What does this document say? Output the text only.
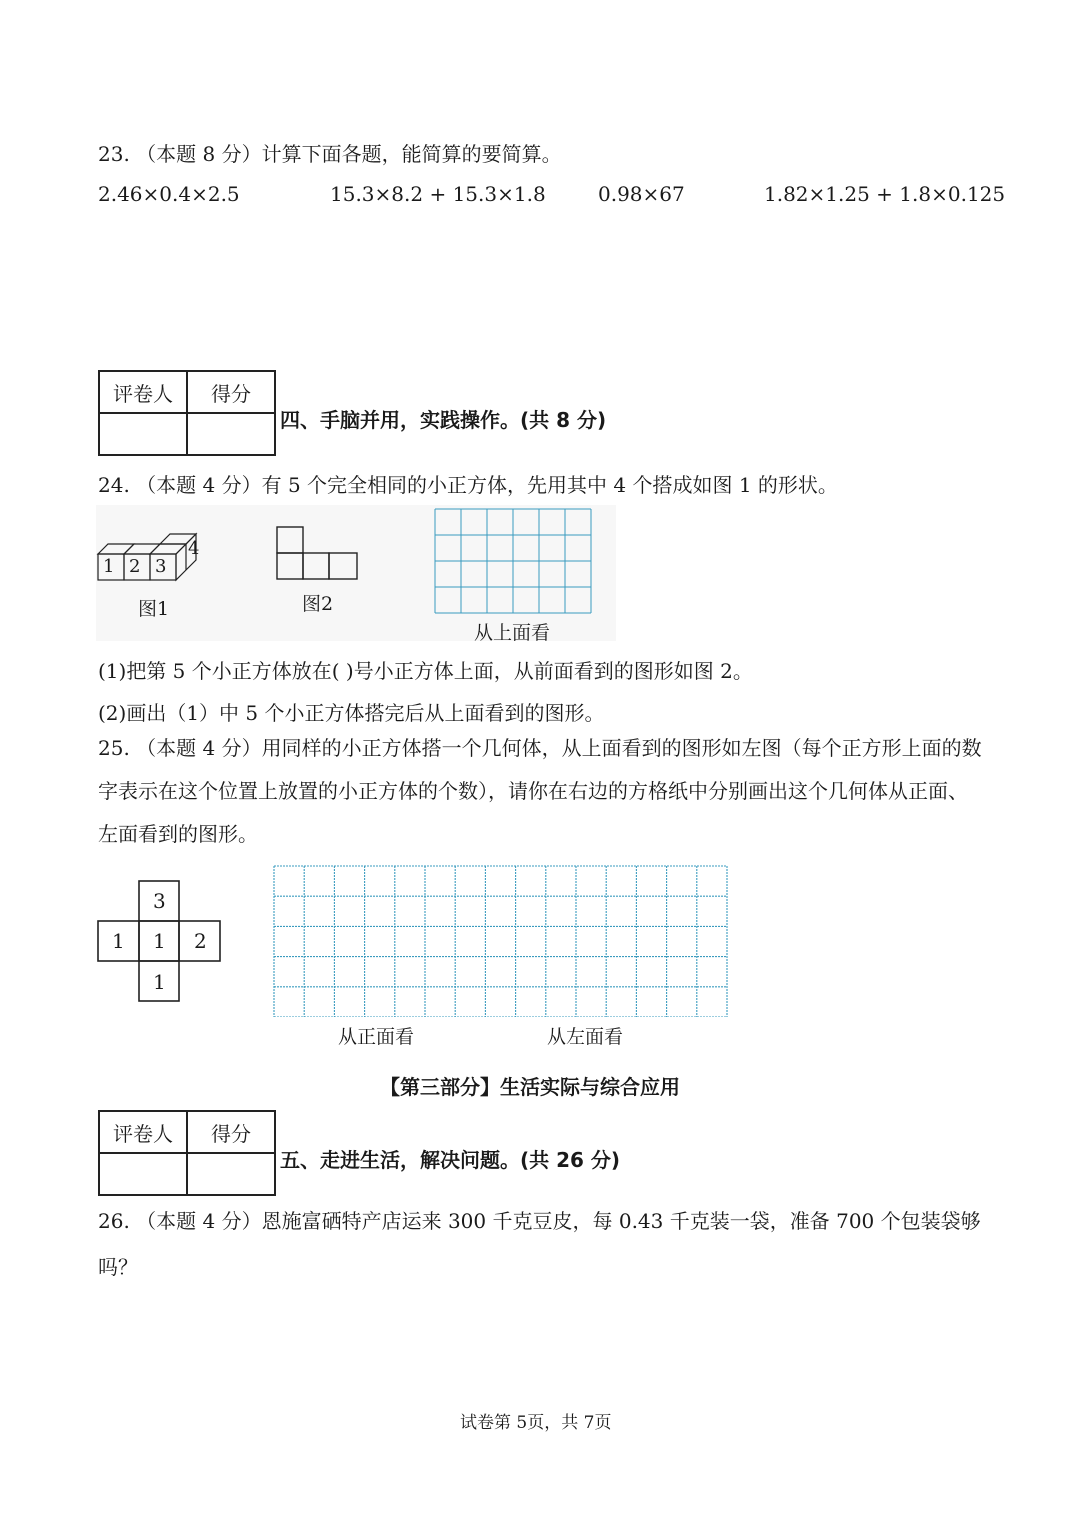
23. （本题 8 分）计算下面各题，能简算的要简算。
2.46×0.4×2.5	15.3×8.2 + 15.3×1.8	0.98×67	1.82×1.25 + 1.8×0.125
评卷人	得分

四、手脑并用，实践操作。(共 8 分)
24. （本题 4 分）有 5 个完全相同的小正方体，先用其中 4 个搭成如图 1 的形状。
1 2 3
4
图1	图2
从上面看
(1)把第 5 个小正方体放在( )号小正方体上面，从前面看到的图形如图 2。
(2)画出（1）中 5 个小正方体搭完后从上面看到的图形。
25. （本题 4 分）用同样的小正方体搭一个几何体，从上面看到的图形如左图（每个正方形上面的数字表示在这个位置上放置的小正方体的个数），请你在右边的方格纸中分别画出这个几何体从正面、左面看到的图形。
3
1 1 2
1
从正面看	从左面看
【第三部分】生活实际与综合应用
评卷人	得分

五、走进生活，解决问题。(共 26 分)
26. （本题 4 分）恩施富硒特产店运来 300 千克豆皮，每 0.43 千克装一袋，准备 700 个包装袋够吗？
试卷第 5页，共 7页
